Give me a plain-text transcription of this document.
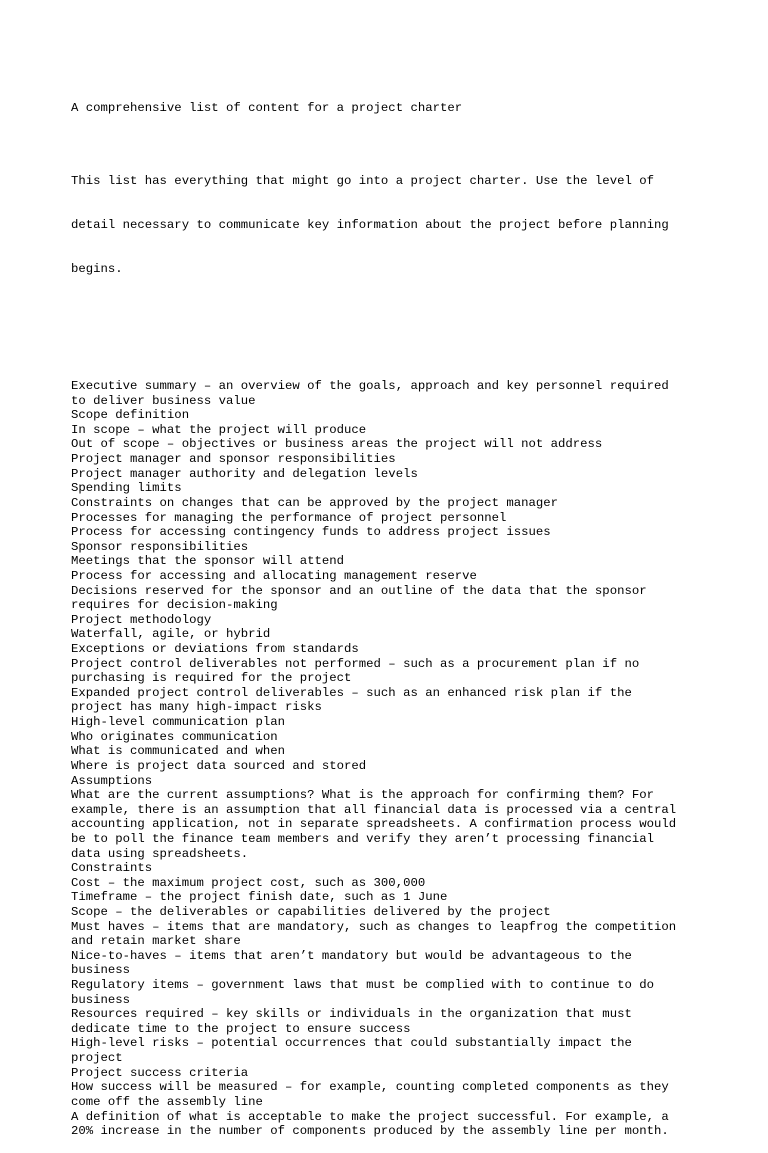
A comprehensive list of content for a project charter

This list has everything that might go into a project charter. Use the level of

detail necessary to communicate key information about the project before planning

begins.

Executive summary – an overview of the goals, approach and key personnel required
to deliver business value
Scope definition
In scope – what the project will produce
Out of scope – objectives or business areas the project will not address
Project manager and sponsor responsibilities
Project manager authority and delegation levels
Spending limits
Constraints on changes that can be approved by the project manager
Processes for managing the performance of project personnel
Process for accessing contingency funds to address project issues
Sponsor responsibilities
Meetings that the sponsor will attend
Process for accessing and allocating management reserve
Decisions reserved for the sponsor and an outline of the data that the sponsor
requires for decision-making
Project methodology
Waterfall, agile, or hybrid
Exceptions or deviations from standards
Project control deliverables not performed – such as a procurement plan if no
purchasing is required for the project
Expanded project control deliverables – such as an enhanced risk plan if the
project has many high-impact risks
High-level communication plan
Who originates communication
What is communicated and when
Where is project data sourced and stored
Assumptions
What are the current assumptions? What is the approach for confirming them? For
example, there is an assumption that all financial data is processed via a central
accounting application, not in separate spreadsheets. A confirmation process would
be to poll the finance team members and verify they aren’t processing financial
data using spreadsheets.
Constraints
Cost – the maximum project cost, such as 300,000
Timeframe – the project finish date, such as 1 June
Scope – the deliverables or capabilities delivered by the project
Must haves – items that are mandatory, such as changes to leapfrog the competition
and retain market share
Nice-to-haves – items that aren’t mandatory but would be advantageous to the
business
Regulatory items – government laws that must be complied with to continue to do
business
Resources required – key skills or individuals in the organization that must
dedicate time to the project to ensure success
High-level risks – potential occurrences that could substantially impact the
project
Project success criteria
How success will be measured – for example, counting completed components as they
come off the assembly line
A definition of what is acceptable to make the project successful. For example, a
20% increase in the number of components produced by the assembly line per month.
